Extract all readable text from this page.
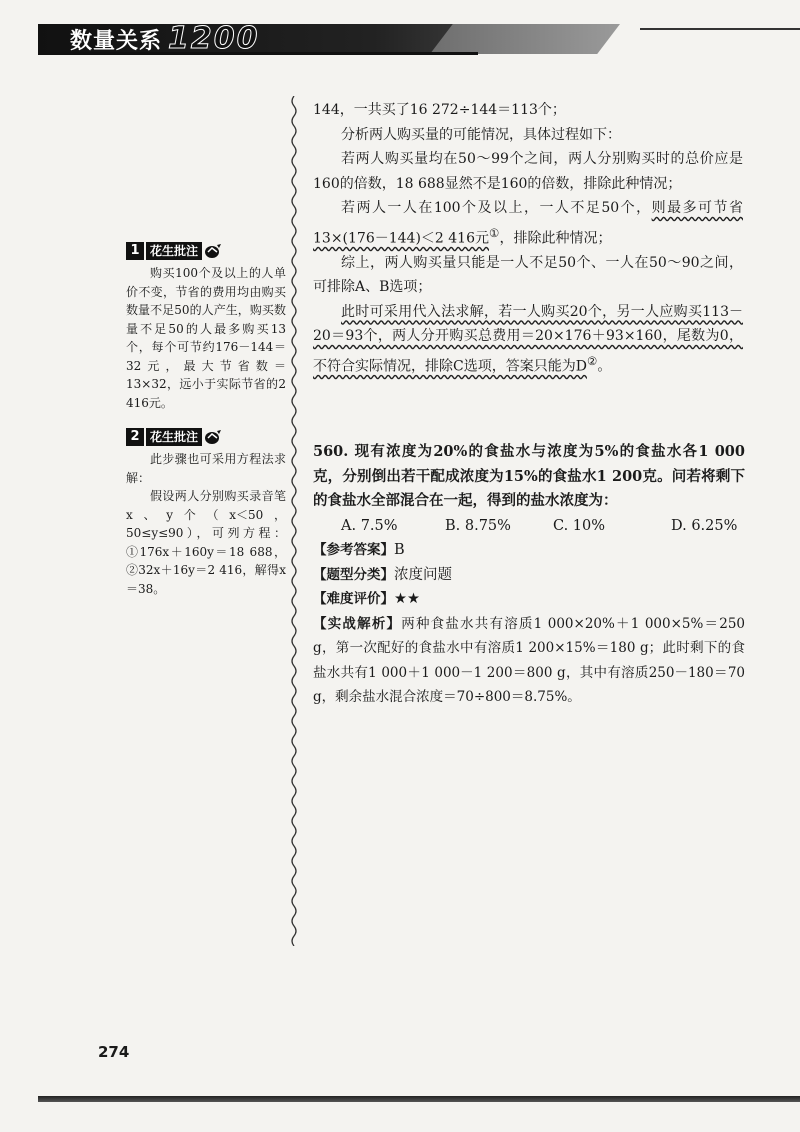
数量关系 1200
1 花生批注

购买100个及以上的人单价不变，节省的费用均由购买数量不足50的人产生，购买数量不足50的人最多购买13个，每个可节约176－144＝32元，最大节省数＝13×32，远小于实际节省的2 416元。

2 花生批注

此步骤也可采用方程法求解：

假设两人分别购买录音笔x、y个（x＜50，50≤y≤90），可列方程：①176x＋160y＝18 688，②32x＋16y＝2 416，解得x＝38。

144，一共买了16 272÷144＝113个；

分析两人购买量的可能情况，具体过程如下：

若两人购买量均在50～99个之间，两人分别购买时的总价应是160的倍数，18 688显然不是160的倍数，排除此种情况；

若两人一人在100个及以上，一人不足50个，则最多可节省13×(176－144)＜2 416元①，排除此种情况；

综上，两人购买量只能是一人不足50个、一人在50～90之间，可排除A、B选项；

此时可采用代入法求解，若一人购买20个，另一人应购买113－20＝93个，两人分开购买总费用＝20×176＋93×160，尾数为0，不符合实际情况，排除C选项，答案只能为D②。

560. 现有浓度为20%的食盐水与浓度为5%的食盐水各1 000克，分别倒出若干配成浓度为15%的食盐水1 200克。问若将剩下的食盐水全部混合在一起，得到的盐水浓度为：

A. 7.5%	B. 8.75%	C. 10%	D. 6.25%

【参考答案】B

【题型分类】浓度问题

【难度评价】★★

【实战解析】两种食盐水共有溶质1 000×20%＋1 000×5%＝250 g，第一次配好的食盐水中有溶质1 200×15%＝180 g；此时剩下的食盐水共有1 000＋1 000－1 200＝800 g，其中有溶质250－180＝70 g，剩余盐水混合浓度＝70÷800＝8.75%。

274
